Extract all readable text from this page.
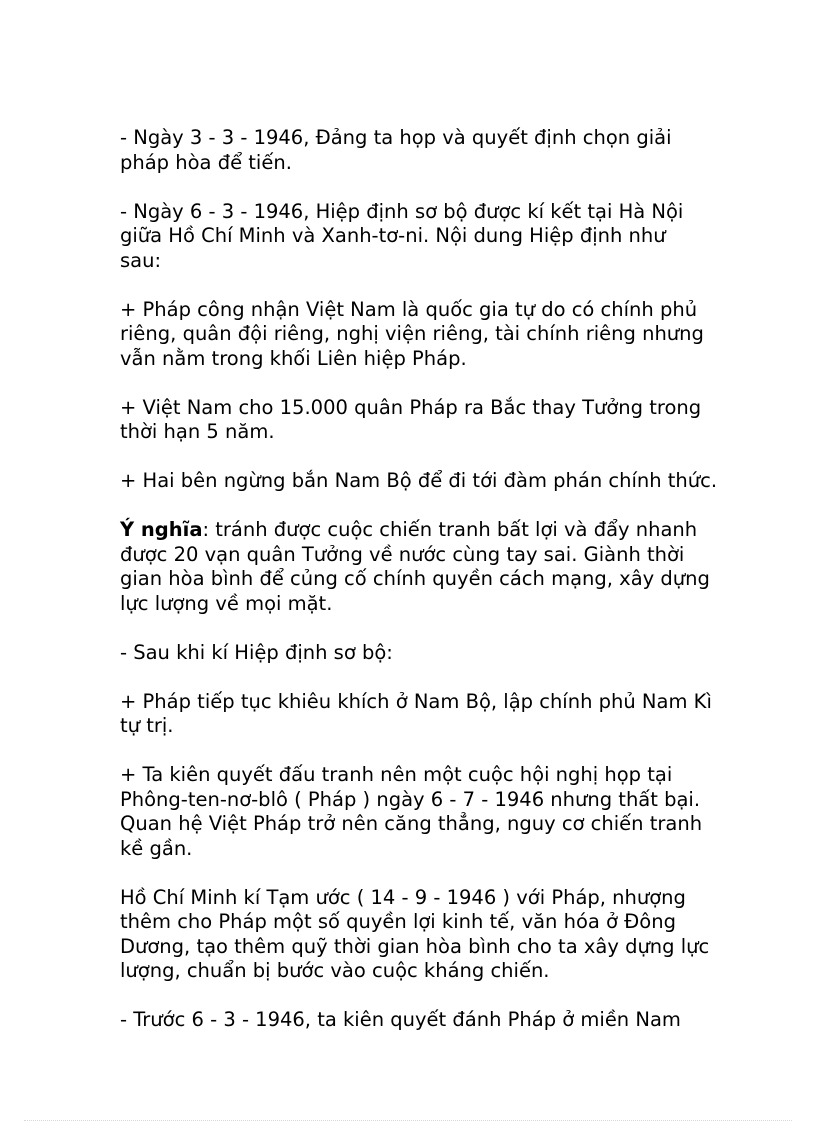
- Ngày 3 - 3 - 1946, Đảng ta họp và quyết định chọn giải
pháp hòa để tiến.

- Ngày 6 - 3 - 1946, Hiệp định sơ bộ được kí kết tại Hà Nội
giữa Hồ Chí Minh và Xanh-tơ-ni. Nội dung Hiệp định như
sau:

+ Pháp công nhận Việt Nam là quốc gia tự do có chính phủ
riêng, quân đội riêng, nghị viện riêng, tài chính riêng nhưng
vẫn nằm trong khối Liên hiệp Pháp.

+ Việt Nam cho 15.000 quân Pháp ra Bắc thay Tưởng trong
thời hạn 5 năm.

+ Hai bên ngừng bắn Nam Bộ để đi tới đàm phán chính thức.

Ý nghĩa: tránh được cuộc chiến tranh bất lợi và đẩy nhanh
được 20 vạn quân Tưởng về nước cùng tay sai. Giành thời
gian hòa bình để củng cố chính quyền cách mạng, xây dựng
lực lượng về mọi mặt.

- Sau khi kí Hiệp định sơ bộ:

+ Pháp tiếp tục khiêu khích ở Nam Bộ, lập chính phủ Nam Kì
tự trị.

+ Ta kiên quyết đấu tranh nên một cuộc hội nghị họp tại
Phông-ten-nơ-blô ( Pháp ) ngày 6 - 7 - 1946 nhưng thất bại.
Quan hệ Việt Pháp trở nên căng thẳng, nguy cơ chiến tranh
kề gần.

Hồ Chí Minh kí Tạm ước ( 14 - 9 - 1946 ) với Pháp, nhượng
thêm cho Pháp một số quyền lợi kinh tế, văn hóa ở Đông
Dương, tạo thêm quỹ thời gian hòa bình cho ta xây dựng lực
lượng, chuẩn bị bước vào cuộc kháng chiến.

- Trước 6 - 3 - 1946, ta kiên quyết đánh Pháp ở miền Nam
